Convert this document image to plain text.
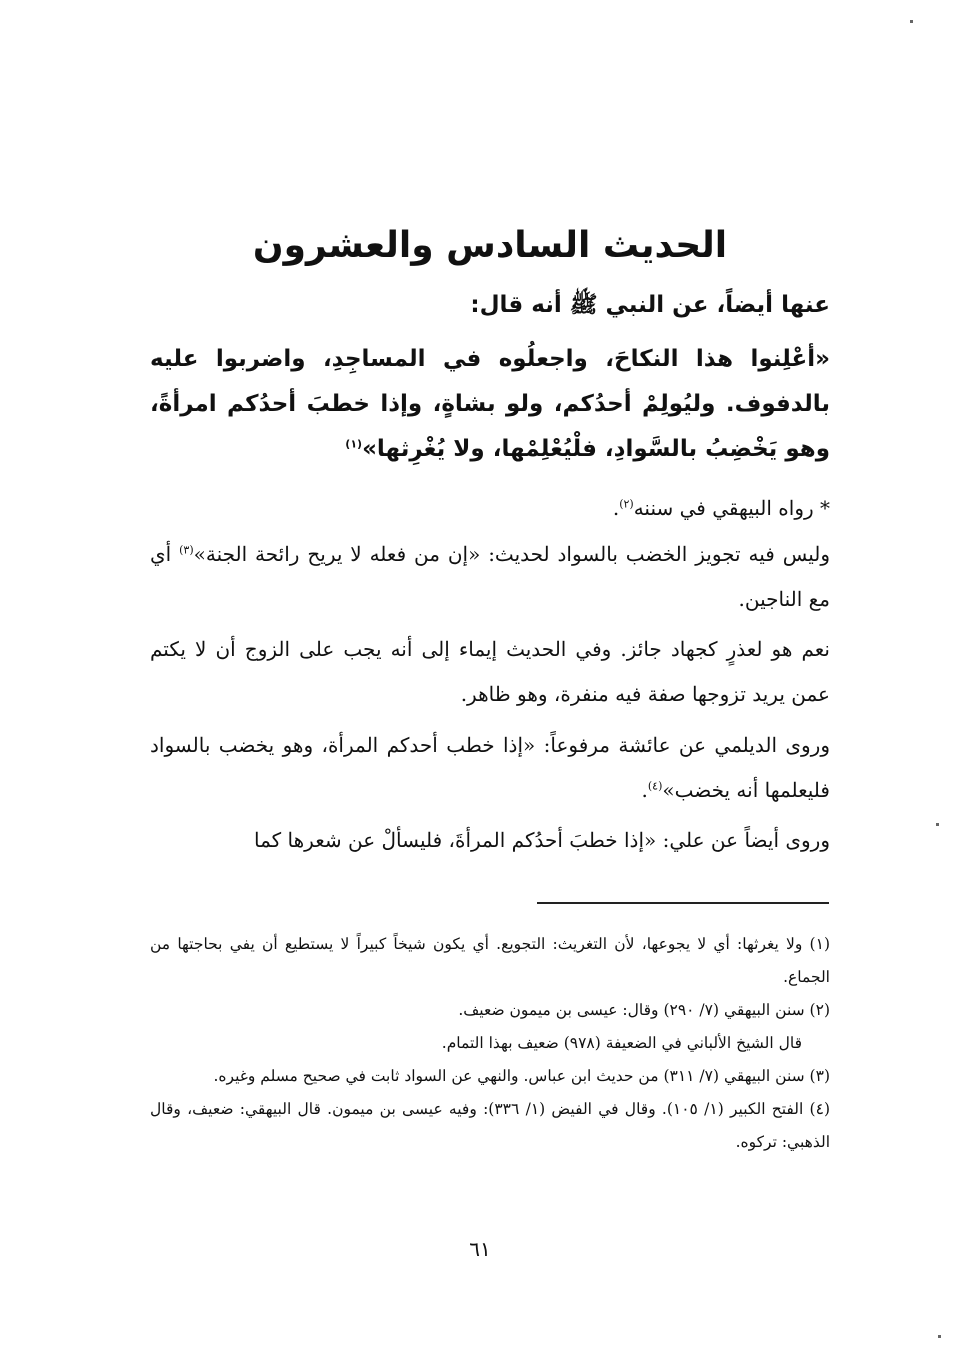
الحديث السادس والعشرون

عنها أيضاً، عن النبي ﷺ أنه قال:

«أعْلِنوا هذا النكاحَ، واجعلُوه في المساجِدِ، واضربوا عليه بالدفوف. وليُولِمْ أحدُكم، ولو بشاةٍ، وإذا خطبَ أحدُكم امرأةً، وهو يَخْضِبُ بالسَّوادِ، فلْيُعْلِمْها، ولا يُغْرِثها»$^{(١)}$

* رواه البيهقي في سننه$^{(٢)}$.

وليس فيه تجويز الخضب بالسواد لحديث: «إن من فعله لا يريح رائحة الجنة»$^{(٣)}$ أي مع الناجين.

نعم هو لعذرٍ كجهاد جائز. وفي الحديث إيماء إلى أنه يجب على الزوج أن لا يكتم عمن يريد تزوجها صفة فيه منفرة، وهو ظاهر.

وروى الديلمي عن عائشة مرفوعاً: «إذا خطب أحدكم المرأة، وهو يخضب بالسواد فليعلمها أنه يخضب»$^{(٤)}$.

وروى أيضاً عن علي: «إذا خطبَ أحدُكم المرأةَ، فليسألْ عن شعرها كما

(١) ولا يغرثها: أي لا يجوعها، لأن التغريث: التجويع. أي يكون شيخاً كبيراً لا يستطيع أن يفي بحاجتها من الجماع.

(٢) سنن البيهقي (٧/ ٢٩٠) وقال: عيسى بن ميمون ضعيف.

قال الشيخ الألباني في الضعيفة (٩٧٨) ضعيف بهذا التمام.

(٣) سنن البيهقي (٧/ ٣١١) من حديث ابن عباس. والنهي عن السواد ثابت في صحيح مسلم وغيره.

(٤) الفتح الكبير (١/ ١٠٥). وقال في الفيض (١/ ٣٣٦): وفيه عيسى بن ميمون. قال البيهقي: ضعيف، وقال الذهبي: تركوه.

٦١
